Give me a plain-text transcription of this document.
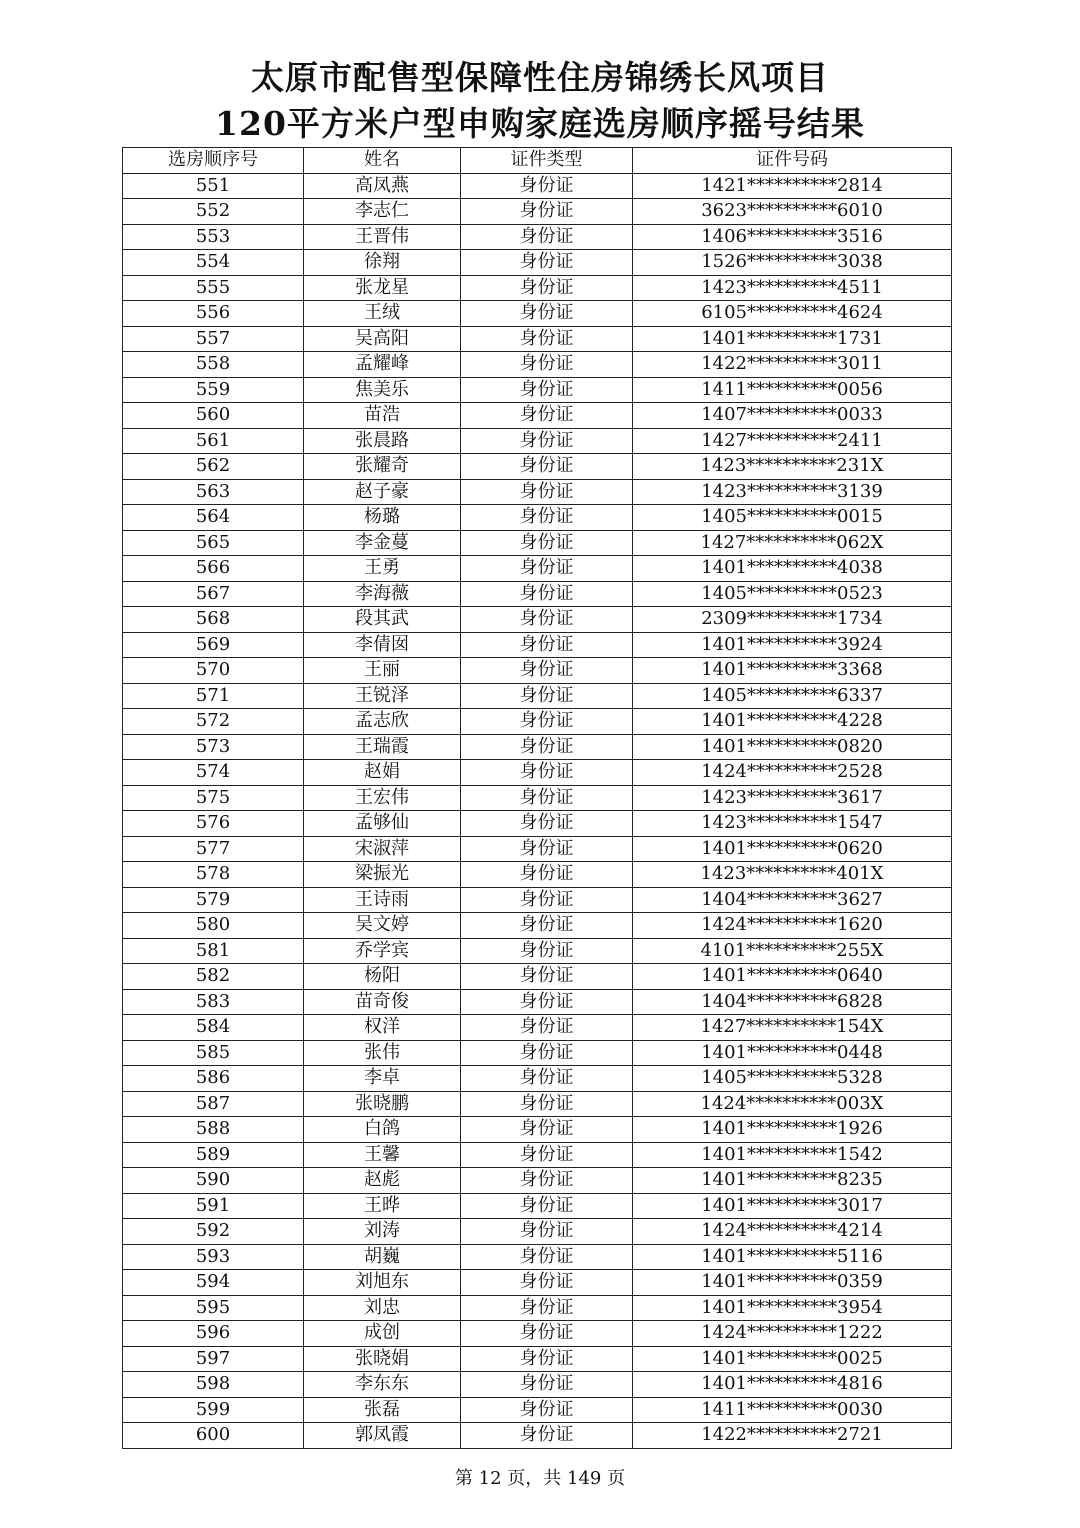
太原市配售型保障性住房锦绣长风项目
120平方米户型申购家庭选房顺序摇号结果
选房顺序号	姓名	证件类型	证件号码
551	高凤燕	身份证	1421**********2814
552	李志仁	身份证	3623**********6010
553	王晋伟	身份证	1406**********3516
554	徐翔	身份证	1526**********3038
555	张龙星	身份证	1423**********4511
556	王绒	身份证	6105**********4624
557	吴高阳	身份证	1401**********1731
558	孟耀峰	身份证	1422**********3011
559	焦美乐	身份证	1411**********0056
560	苗浩	身份证	1407**********0033
561	张晨路	身份证	1427**********2411
562	张耀奇	身份证	1423**********231X
563	赵子豪	身份证	1423**********3139
564	杨璐	身份证	1405**********0015
565	李金蔓	身份证	1427**********062X
566	王勇	身份证	1401**********4038
567	李海薇	身份证	1405**********0523
568	段其武	身份证	2309**********1734
569	李倩囡	身份证	1401**********3924
570	王丽	身份证	1401**********3368
571	王锐泽	身份证	1405**********6337
572	孟志欣	身份证	1401**********4228
573	王瑞霞	身份证	1401**********0820
574	赵娟	身份证	1424**********2528
575	王宏伟	身份证	1423**********3617
576	孟够仙	身份证	1423**********1547
577	宋淑萍	身份证	1401**********0620
578	梁振光	身份证	1423**********401X
579	王诗雨	身份证	1404**********3627
580	吴文婷	身份证	1424**********1620
581	乔学宾	身份证	4101**********255X
582	杨阳	身份证	1401**********0640
583	苗奇俊	身份证	1404**********6828
584	权洋	身份证	1427**********154X
585	张伟	身份证	1401**********0448
586	李卓	身份证	1405**********5328
587	张晓鹏	身份证	1424**********003X
588	白鸽	身份证	1401**********1926
589	王馨	身份证	1401**********1542
590	赵彪	身份证	1401**********8235
591	王晔	身份证	1401**********3017
592	刘涛	身份证	1424**********4214
593	胡巍	身份证	1401**********5116
594	刘旭东	身份证	1401**********0359
595	刘忠	身份证	1401**********3954
596	成创	身份证	1424**********1222
597	张晓娟	身份证	1401**********0025
598	李东东	身份证	1401**********4816
599	张磊	身份证	1411**********0030
600	郭凤霞	身份证	1422**********2721
第 12 页，共 149 页
